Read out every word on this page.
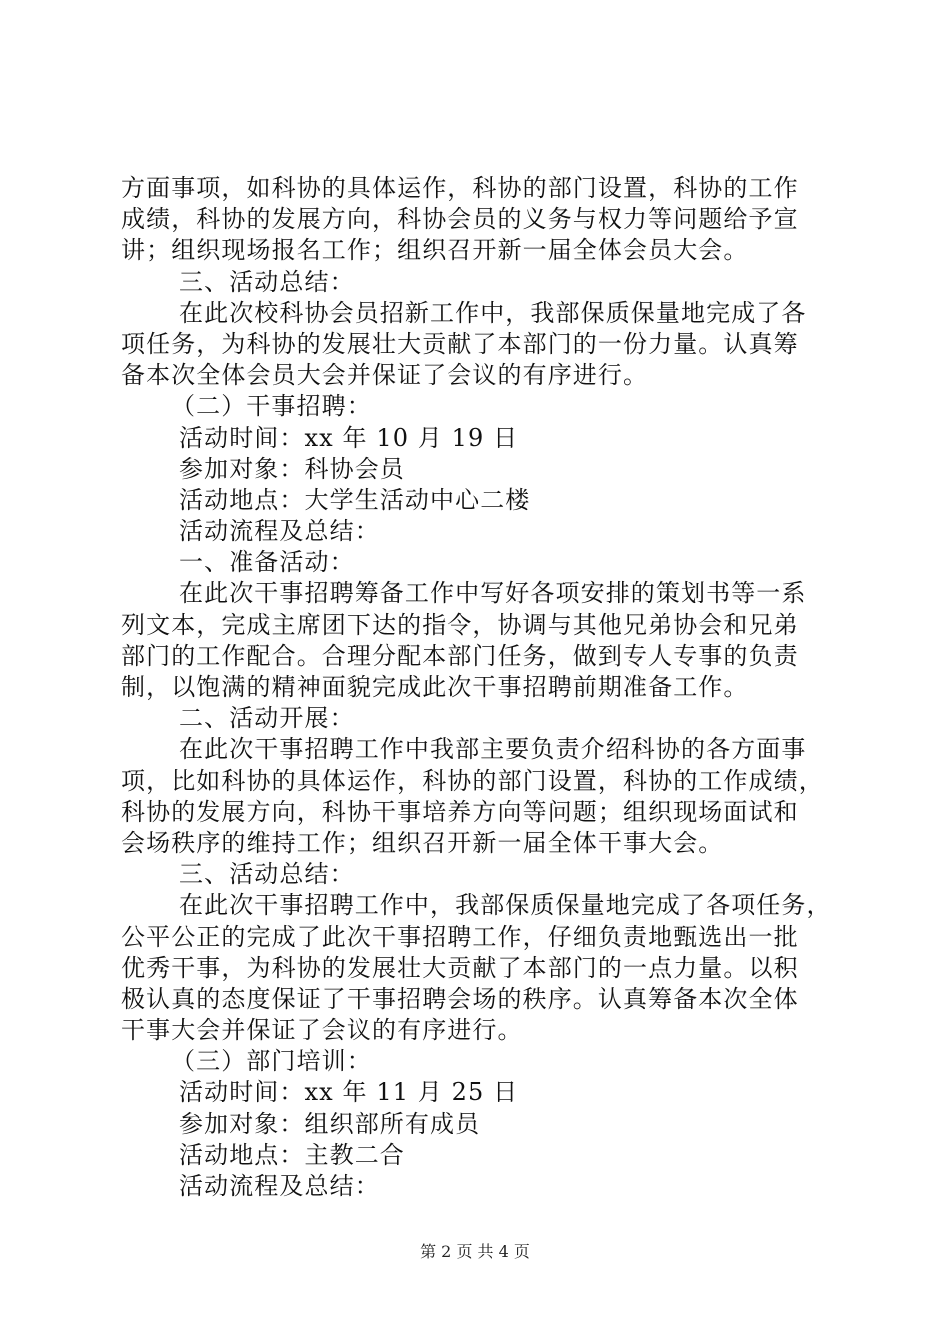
方面事项，如科协的具体运作，科协的部门设置，科协的工作
成绩，科协的发展方向，科协会员的义务与权力等问题给予宣
讲；组织现场报名工作；组织召开新一届全体会员大会。
三、活动总结：
在此次校科协会员招新工作中，我部保质保量地完成了各
项任务，为科协的发展壮大贡献了本部门的一份力量。认真筹
备本次全体会员大会并保证了会议的有序进行。
（二）干事招聘：
活动时间：xx 年 10 月 19 日
参加对象：科协会员
活动地点：大学生活动中心二楼
活动流程及总结：
一、准备活动：
在此次干事招聘筹备工作中写好各项安排的策划书等一系
列文本，完成主席团下达的指令，协调与其他兄弟协会和兄弟
部门的工作配合。合理分配本部门任务，做到专人专事的负责
制，以饱满的精神面貌完成此次干事招聘前期准备工作。
二、活动开展：
在此次干事招聘工作中我部主要负责介绍科协的各方面事
项，比如科协的具体运作，科协的部门设置，科协的工作成绩，
科协的发展方向，科协干事培养方向等问题；组织现场面试和
会场秩序的维持工作；组织召开新一届全体干事大会。
三、活动总结：
在此次干事招聘工作中，我部保质保量地完成了各项任务，
公平公正的完成了此次干事招聘工作，仔细负责地甄选出一批
优秀干事，为科协的发展壮大贡献了本部门的一点力量。以积
极认真的态度保证了干事招聘会场的秩序。认真筹备本次全体
干事大会并保证了会议的有序进行。
（三）部门培训：
活动时间：xx 年 11 月 25 日
参加对象：组织部所有成员
活动地点：主教二合
活动流程及总结：
第 2 页 共 4 页
